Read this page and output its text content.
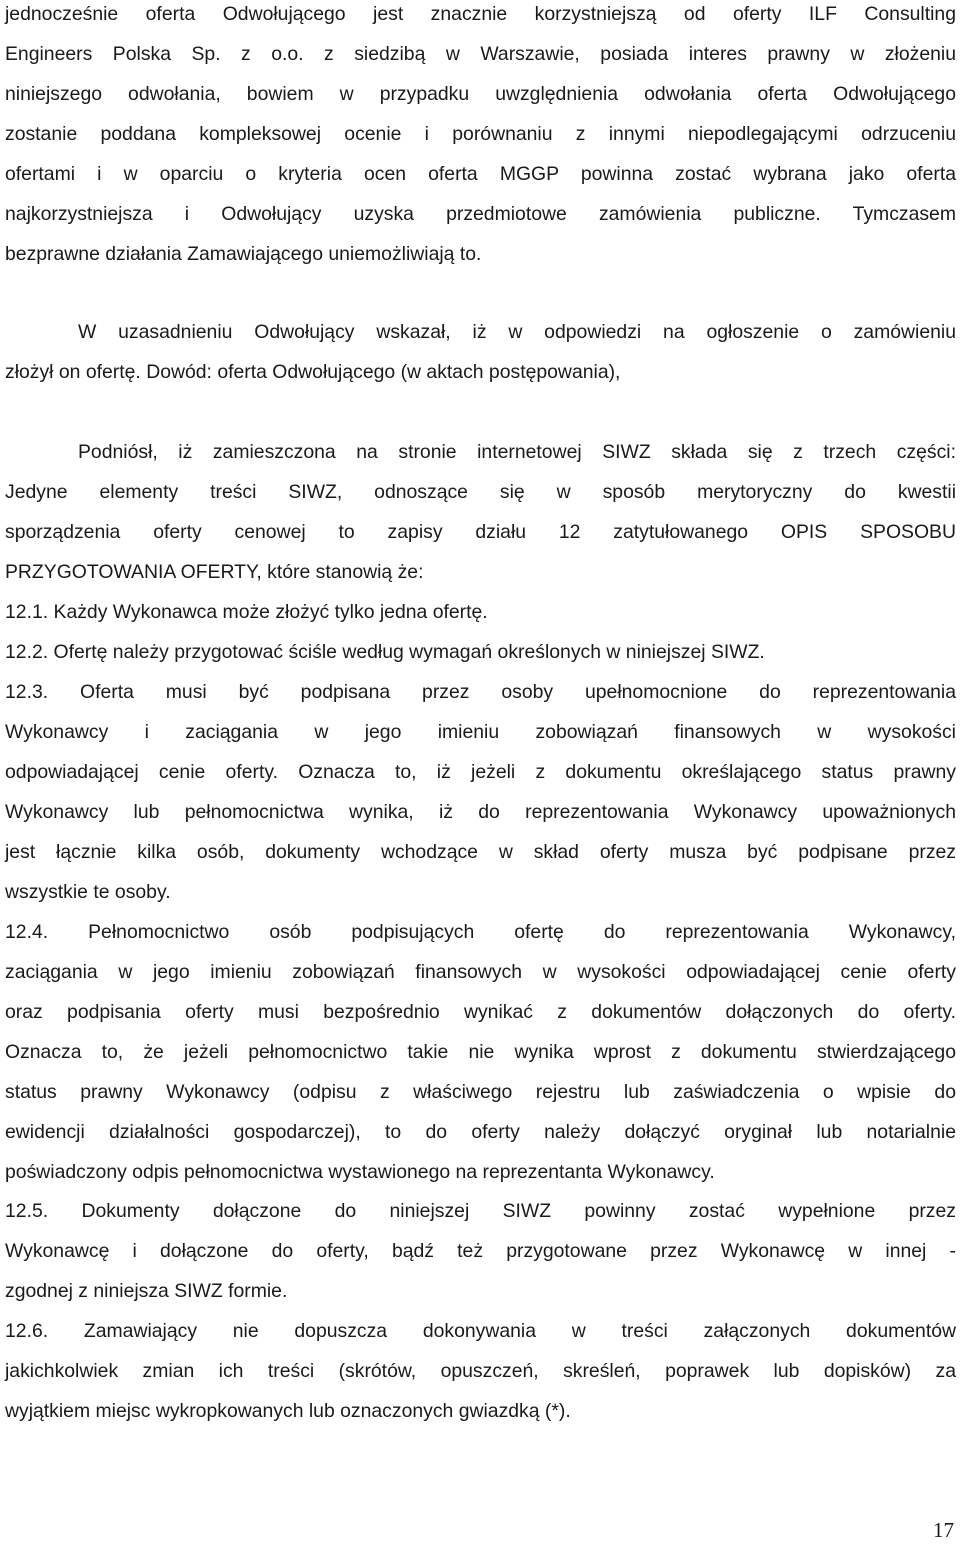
jednocześnie oferta Odwołującego jest znacznie korzystniejszą od oferty ILF Consulting
Engineers Polska Sp. z o.o. z siedzibą w Warszawie, posiada interes prawny w złożeniu
niniejszego odwołania, bowiem w przypadku uwzględnienia odwołania oferta Odwołującego
zostanie poddana kompleksowej ocenie i porównaniu z innymi niepodlegającymi odrzuceniu
ofertami i w oparciu o kryteria ocen oferta MGGP powinna zostać wybrana jako oferta
najkorzystniejsza i Odwołujący uzyska przedmiotowe zamówienia publiczne. Tymczasem
bezprawne działania Zamawiającego uniemożliwiają to.
W uzasadnieniu Odwołujący wskazał, iż w odpowiedzi na ogłoszenie o zamówieniu
złożył on ofertę. Dowód: oferta Odwołującego (w aktach postępowania),
Podniósł, iż zamieszczona na stronie internetowej SIWZ składa się z trzech części:
Jedyne elementy treści SIWZ, odnoszące się w sposób merytoryczny do kwestii
sporządzenia oferty cenowej to zapisy działu 12 zatytułowanego OPIS SPOSOBU
PRZYGOTOWANIA OFERTY, które stanowią że:
12.1. Każdy Wykonawca może złożyć tylko jedna ofertę.
12.2. Ofertę należy przygotować ściśle według wymagań określonych w niniejszej SIWZ.
12.3. Oferta musi być podpisana przez osoby upełnomocnione do reprezentowania
Wykonawcy i zaciągania w jego imieniu zobowiązań finansowych w wysokości
odpowiadającej cenie oferty. Oznacza to, iż jeżeli z dokumentu określającego status prawny
Wykonawcy lub pełnomocnictwa wynika, iż do reprezentowania Wykonawcy upoważnionych
jest łącznie kilka osób, dokumenty wchodzące w skład oferty musza być podpisane przez
wszystkie te osoby.
12.4. Pełnomocnictwo osób podpisujących ofertę do reprezentowania Wykonawcy,
zaciągania w jego imieniu zobowiązań finansowych w wysokości odpowiadającej cenie oferty
oraz podpisania oferty musi bezpośrednio wynikać z dokumentów dołączonych do oferty.
Oznacza to, że jeżeli pełnomocnictwo takie nie wynika wprost z dokumentu stwierdzającego
status prawny Wykonawcy (odpisu z właściwego rejestru lub zaświadczenia o wpisie do
ewidencji działalności gospodarczej), to do oferty należy dołączyć oryginał lub notarialnie
poświadczony odpis pełnomocnictwa wystawionego na reprezentanta Wykonawcy.
12.5. Dokumenty dołączone do niniejszej SIWZ powinny zostać wypełnione przez
Wykonawcę i dołączone do oferty, bądź też przygotowane przez Wykonawcę w innej -
zgodnej z niniejsza SIWZ formie.
12.6. Zamawiający nie dopuszcza dokonywania w treści załączonych dokumentów
jakichkolwiek zmian ich treści (skrótów, opuszczeń, skreśleń, poprawek lub dopisków) za
wyjątkiem miejsc wykropkowanych lub oznaczonych gwiazdką (*).
17
